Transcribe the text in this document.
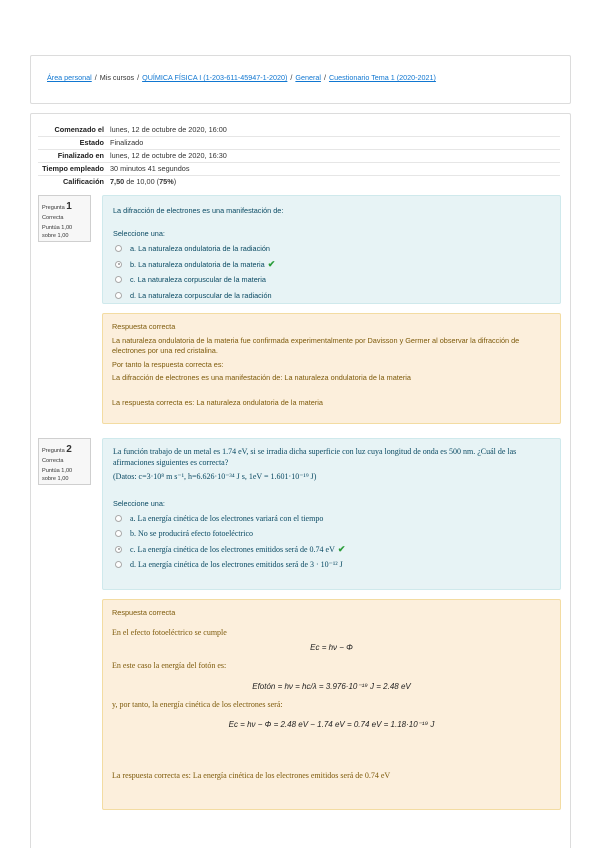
Área personal / Mis cursos / QUÍMICA FÍSICA I (1-203-611-45947-1-2020) / General / Cuestionario Tema 1 (2020-2021)
Comenzado el	lunes, 12 de octubre de 2020, 16:00
Estado	Finalizado
Finalizado en	lunes, 12 de octubre de 2020, 16:30
Tiempo empleado	30 minutos 41 segundos
Calificación	7,50 de 10,00 (75%)
Pregunta 1
Correcta
Puntúa 1,00
sobre 1,00
La difracción de electrones es una manifestación de:
Seleccione una:
a. La naturaleza ondulatoria de la radiación
b. La naturaleza ondulatoria de la materia ✔
c. La naturaleza corpuscular de la materia
d. La naturaleza corpuscular de la radiación

Respuesta correcta

La naturaleza ondulatoria de la materia fue confirmada experimentalmente por Davisson y Germer al observar la difracción de electrones por una red cristalina.

Por tanto la respuesta correcta es:

La difracción de electrones es una manifestación de: La naturaleza ondulatoria de la materia

La respuesta correcta es: La naturaleza ondulatoria de la materia

Pregunta 2
Correcta
Puntúa 1,00
sobre 1,00
La función trabajo de un metal es 1.74 eV, si se irradia dicha superficie con luz cuya longitud de onda es 500 nm. ¿Cuál de las afirmaciones siguientes es correcta?
(Datos: c=3·10⁸ m s⁻¹, h=6.626·10⁻³⁴ J s, 1eV = 1.601·10⁻¹⁹ J)
Seleccione una:
a. La energía cinética de los electrones variará con el tiempo
b. No se producirá efecto fotoeléctrico
c. La energía cinética de los electrones emitidos será de 0.74 eV ✔
d. La energía cinética de los electrones emitidos será de 3 · 10⁻¹² J

Respuesta correcta

En el efecto fotoeléctrico se cumple

Ec = hν − Φ

En este caso la energía del fotón es:

Efotón = hν = hc/λ = 3.976·10⁻¹⁹ J = 2.48 eV

y, por tanto, la energía cinética de los electrones será:

Ec = hν − Φ = 2.48 eV − 1.74 eV = 0.74 eV = 1.18·10⁻¹⁹ J

La respuesta correcta es: La energía cinética de los electrones emitidos será de 0.74 eV
